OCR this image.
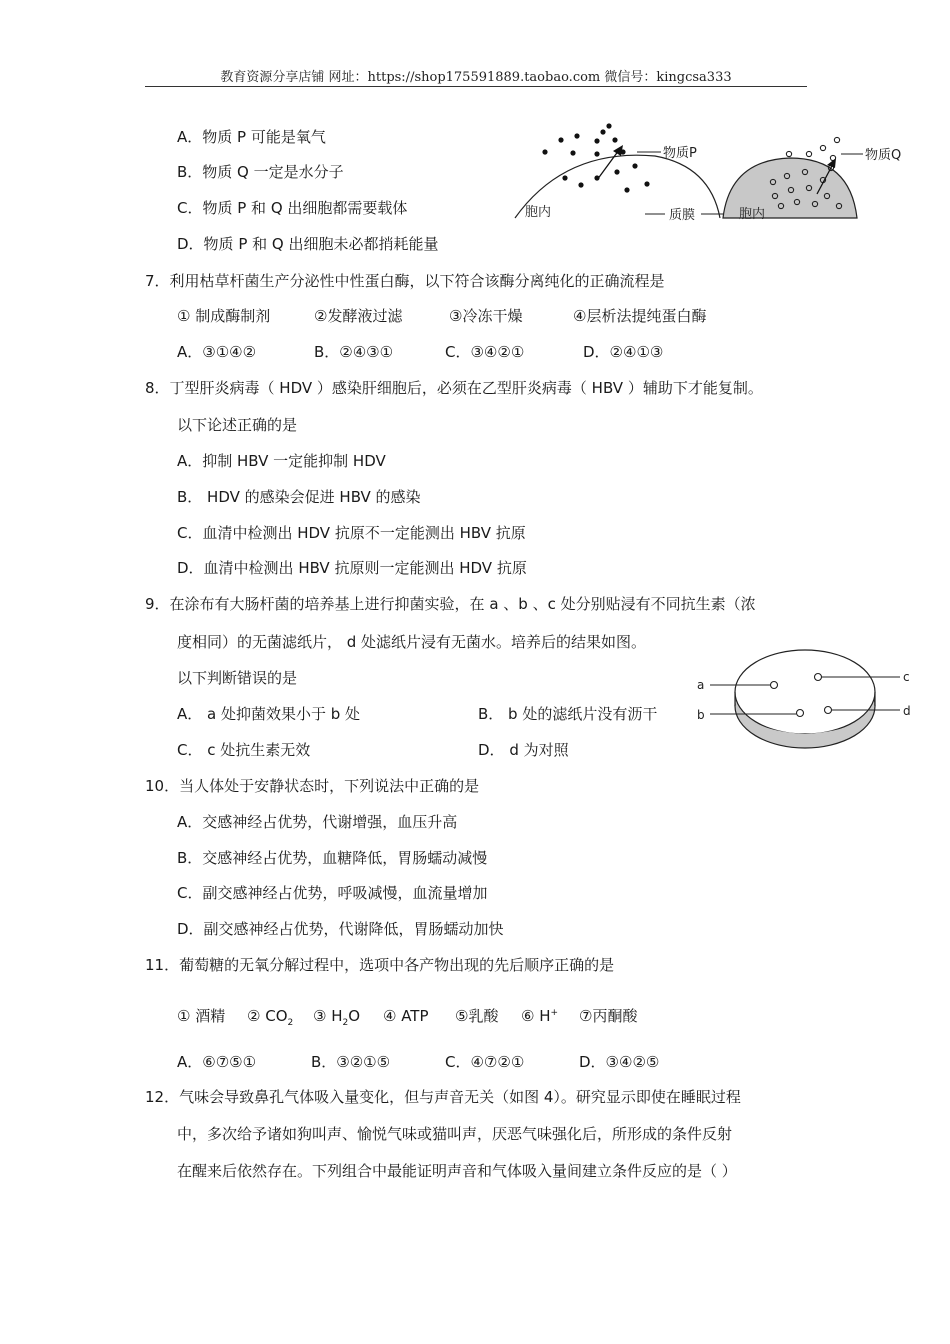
教育资源分享店铺 网址：https://shop175591889.taobao.com 微信号：kingcsa333
A．物质 P 可能是氧气
B．物质 Q 一定是水分子
C．物质 P 和 Q 出细胞都需要载体
D．物质 P 和 Q 出细胞未必都捎耗能量
物质P
胞内	质膜
物质Q
胞内
7．利用枯草杆菌生产分泌性中性蛋白酶，以下符合该酶分离纯化的正确流程是
① 制成酶制剂	②发酵液过滤	③冷冻干燥	④层析法提纯蛋白酶
A．③①④②	B．②④③①	C．③④②①	D．②④①③
8．丁型肝炎病毒（ HDV ）感染肝细胞后，必须在乙型肝炎病毒（ HBV ）辅助下才能复制。
以下论述正确的是
A．抑制 HBV 一定能抑制 HDV
B． HDV 的感染会促进 HBV 的感染
C．血清中检测出 HDV 抗原不一定能测出 HBV 抗原
D．血清中检测出 HBV 抗原则一定能测出 HDV 抗原
9．在涂布有大肠杆菌的培养基上进行抑菌实验，在 a 、b 、c 处分别贴浸有不同抗生素（浓
度相同）的无菌滤纸片， d 处滤纸片浸有无菌水。培养后的结果如图。
以下判断错误的是
A． a 处抑菌效果小于 b 处	B． b 处的滤纸片没有沥干
C． c 处抗生素无效	D． d 为对照
a
b
c
d
10．当人体处于安静状态时，下列说法中正确的是
A．交感神经占优势，代谢增强，血压升高
B．交感神经占优势，血糖降低，胃肠蠕动减慢
C．副交感神经占优势，呼吸减慢，血流量增加
D．副交感神经占优势，代谢降低，胃肠蠕动加快
11．葡萄糖的无氧分解过程中，选项中各产物出现的先后顺序正确的是
① 酒精 ② $CO_2$ ③ $H_2O$ ④ ATP ⑤乳酸 ⑥ H+ ⑦丙酮酸
A．⑥⑦⑤①	B．③②①⑤	C．④⑦②①	D．③④②⑤
12．气味会导致鼻孔气体吸入量变化，但与声音无关（如图 4）。研究显示即使在睡眠过程
中，多次给予诸如狗叫声、愉悦气味或猫叫声，厌恶气味强化后，所形成的条件反射
在醒来后依然存在。下列组合中最能证明声音和气体吸入量间建立条件反应的是（ ）
